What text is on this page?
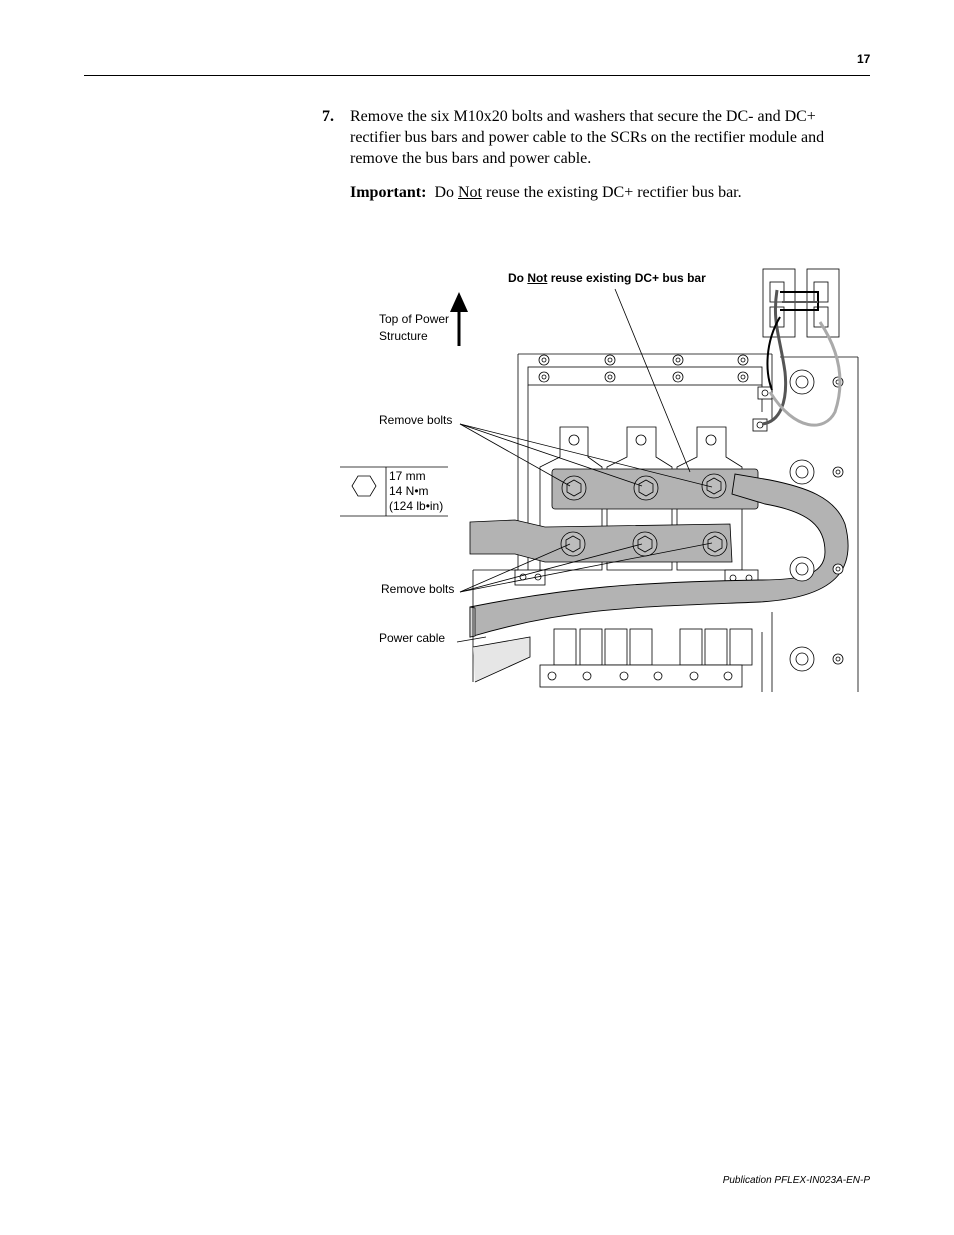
17
7. Remove the six M10x20 bolts and washers that secure the DC- and DC+ rectifier bus bars and power cable to the SCRs on the rectifier module and remove the bus bars and power cable.
Important: Do Not reuse the existing DC+ rectifier bus bar.
Do Not reuse existing DC+ bus bar
Top of Power
Structure
Remove bolts
Remove bolts
Power cable
17 mm
14 N•m
(124 lb•in)
Publication PFLEX-IN023A-EN-P
